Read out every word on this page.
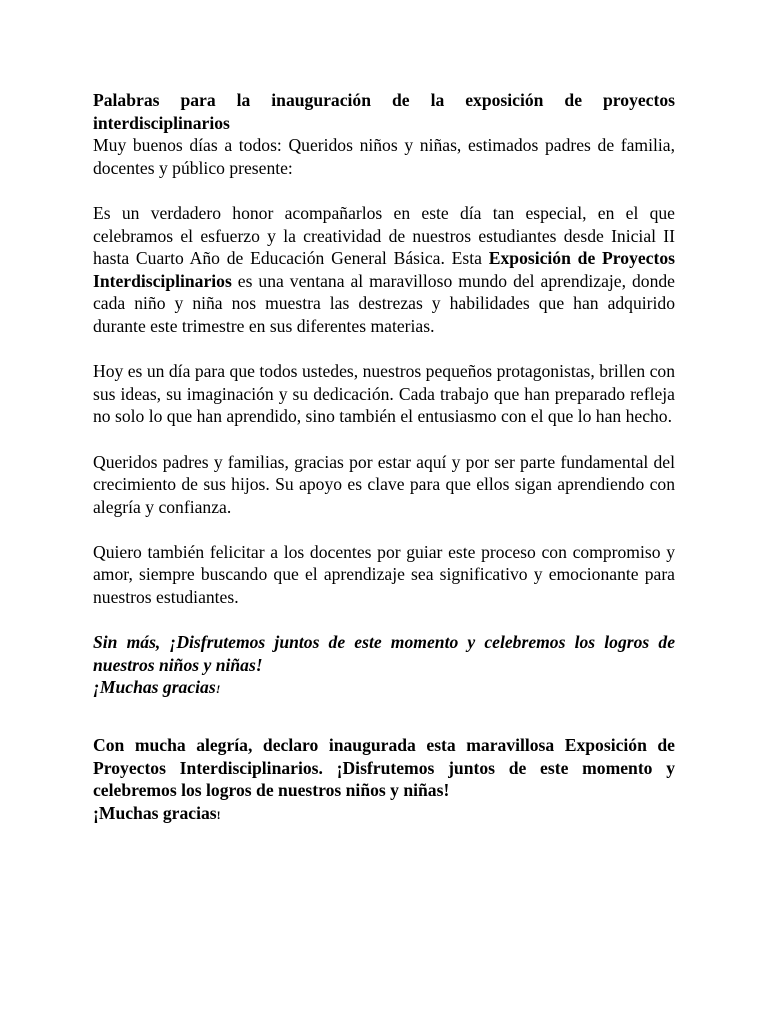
Palabras para la inauguración de la exposición de proyectos interdisciplinarios

Muy buenos días a todos: Queridos niños y niñas, estimados padres de familia, docentes y público presente:

Es un verdadero honor acompañarlos en este día tan especial, en el que celebramos el esfuerzo y la creatividad de nuestros estudiantes desde Inicial II hasta Cuarto Año de Educación General Básica. Esta Exposición de Proyectos Interdisciplinarios es una ventana al maravilloso mundo del aprendizaje, donde cada niño y niña nos muestra las destrezas y habilidades que han adquirido durante este trimestre en sus diferentes materias.

Hoy es un día para que todos ustedes, nuestros pequeños protagonistas, brillen con sus ideas, su imaginación y su dedicación. Cada trabajo que han preparado refleja no solo lo que han aprendido, sino también el entusiasmo con el que lo han hecho.

Queridos padres y familias, gracias por estar aquí y por ser parte fundamental del crecimiento de sus hijos. Su apoyo es clave para que ellos sigan aprendiendo con alegría y confianza.

Quiero también felicitar a los docentes por guiar este proceso con compromiso y amor, siempre buscando que el aprendizaje sea significativo y emocionante para nuestros estudiantes.

Sin más, ¡Disfrutemos juntos de este momento y celebremos los logros de nuestros niños y niñas!

¡Muchas gracias!

Con mucha alegría, declaro inaugurada esta maravillosa Exposición de Proyectos Interdisciplinarios. ¡Disfrutemos juntos de este momento y celebremos los logros de nuestros niños y niñas!

¡Muchas gracias!
